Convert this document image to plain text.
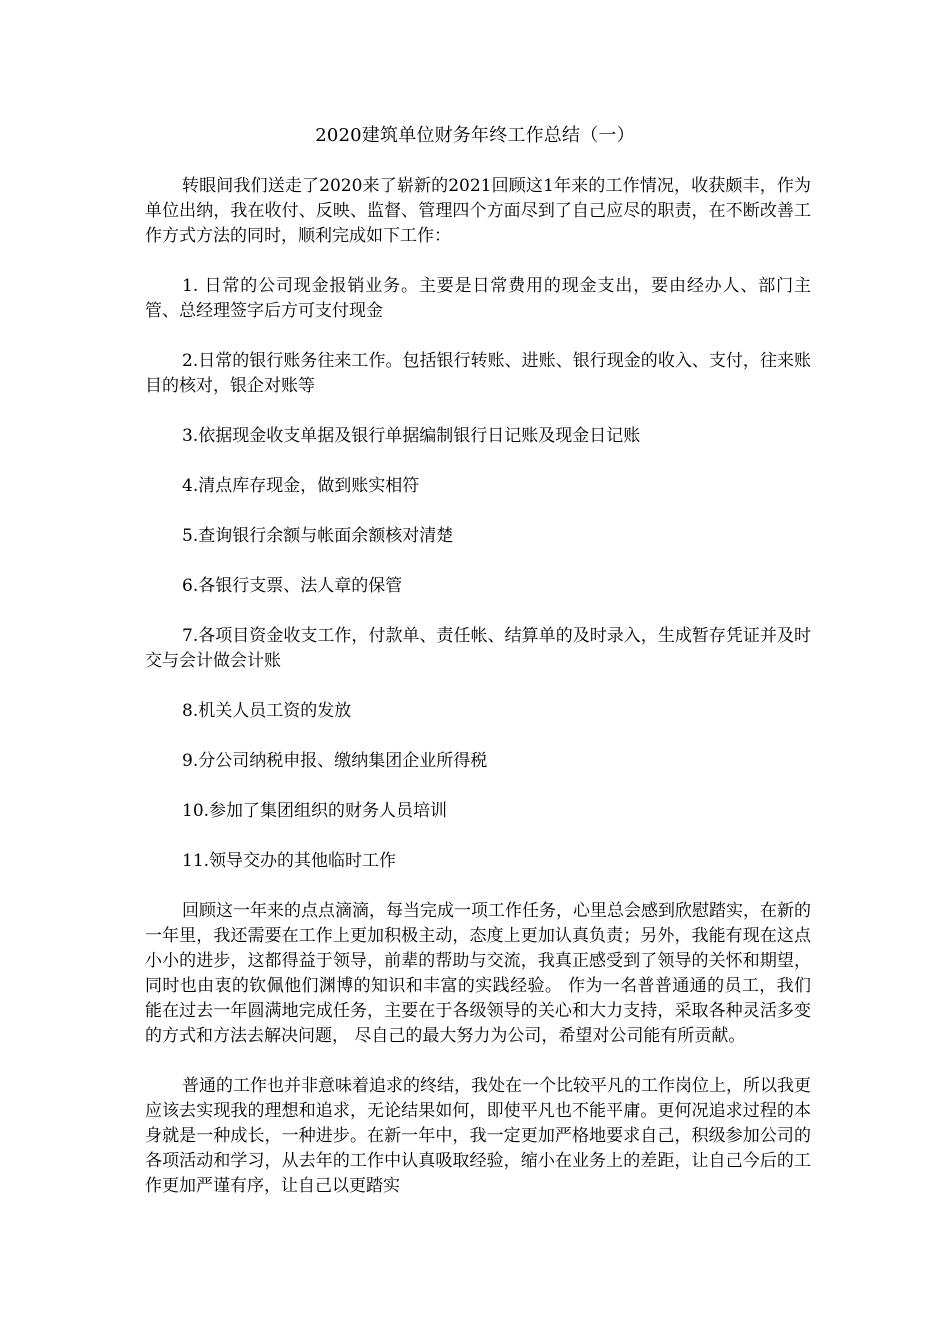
2020建筑单位财务年终工作总结（一）

转眼间我们送走了2020来了崭新的2021回顾这1年来的工作情况，收获颇丰，作为单位出纳，我在收付、反映、监督、管理四个方面尽到了自己应尽的职责，在不断改善工作方式方法的同时，顺利完成如下工作：

1. 日常的公司现金报销业务。主要是日常费用的现金支出，要由经办人、部门主管、总经理签字后方可支付现金

2.日常的银行账务往来工作。包括银行转账、进账、银行现金的收入、支付，往来账目的核对，银企对账等

3.依据现金收支单据及银行单据编制银行日记账及现金日记账

4.清点库存现金，做到账实相符

5.查询银行余额与帐面余额核对清楚

6.各银行支票、法人章的保管

7.各项目资金收支工作，付款单、责任帐、结算单的及时录入，生成暂存凭证并及时交与会计做会计账

8.机关人员工资的发放

9.分公司纳税申报、缴纳集团企业所得税

10.参加了集团组织的财务人员培训

11.领导交办的其他临时工作

回顾这一年来的点点滴滴，每当完成一项工作任务，心里总会感到欣慰踏实，在新的一年里，我还需要在工作上更加积极主动，态度上更加认真负责；另外，我能有现在这点小小的进步，这都得益于领导，前辈的帮助与交流，我真正感受到了领导的关怀和期望，同时也由衷的钦佩他们渊博的知识和丰富的实践经验。 作为一名普普通通的员工，我们能在过去一年圆满地完成任务，主要在于各级领导的关心和大力支持，采取各种灵活多变的方式和方法去解决问题， 尽自己的最大努力为公司，希望对公司能有所贡献。

普通的工作也并非意味着追求的终结，我处在一个比较平凡的工作岗位上，所以我更应该去实现我的理想和追求，无论结果如何，即使平凡也不能平庸。更何况追求过程的本身就是一种成长，一种进步。在新一年中，我一定更加严格地要求自己，积级参加公司的各项活动和学习，从去年的工作中认真吸取经验，缩小在业务上的差距，让自己今后的工作更加严谨有序，让自己以更踏实
